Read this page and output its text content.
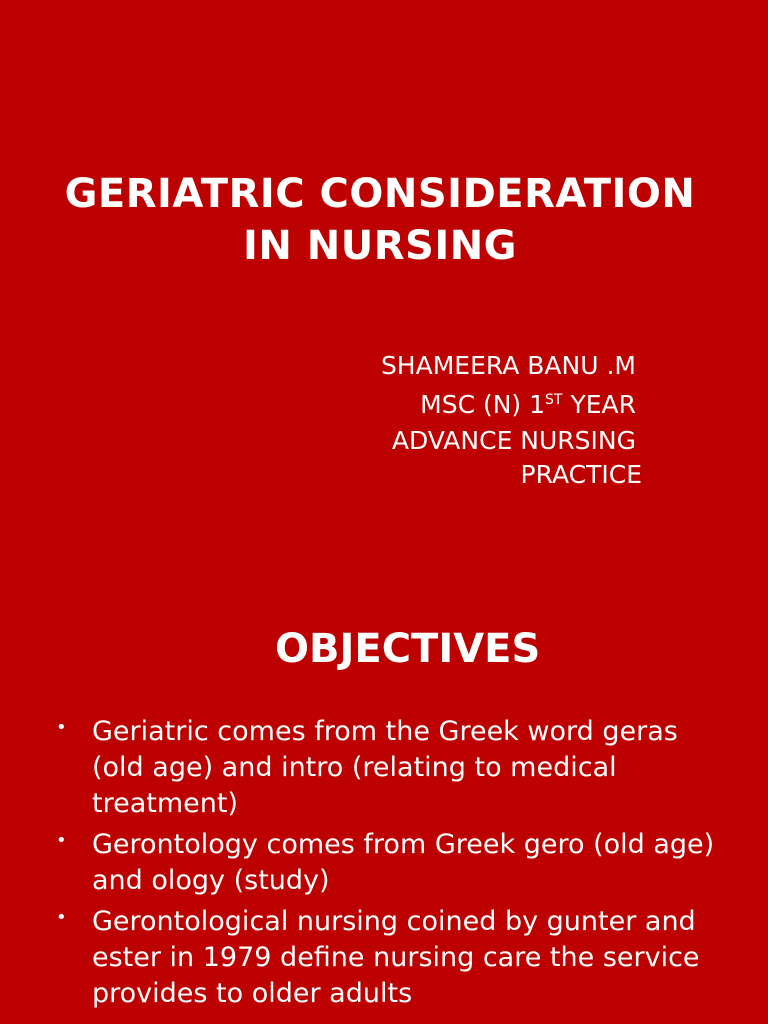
GERIATRIC CONSIDERATION
IN NURSING
SHAMEERA BANU .M
MSC (N) 1ST YEAR
ADVANCE NURSING
PRACTICE
OBJECTIVES
• Geriatric comes from the Greek word geras (old age) and intro (relating to medical treatment)
• Gerontology comes from Greek gero (old age) and ology (study)
• Gerontological nursing coined by gunter and ester in 1979 define nursing care the service provides to older adults
